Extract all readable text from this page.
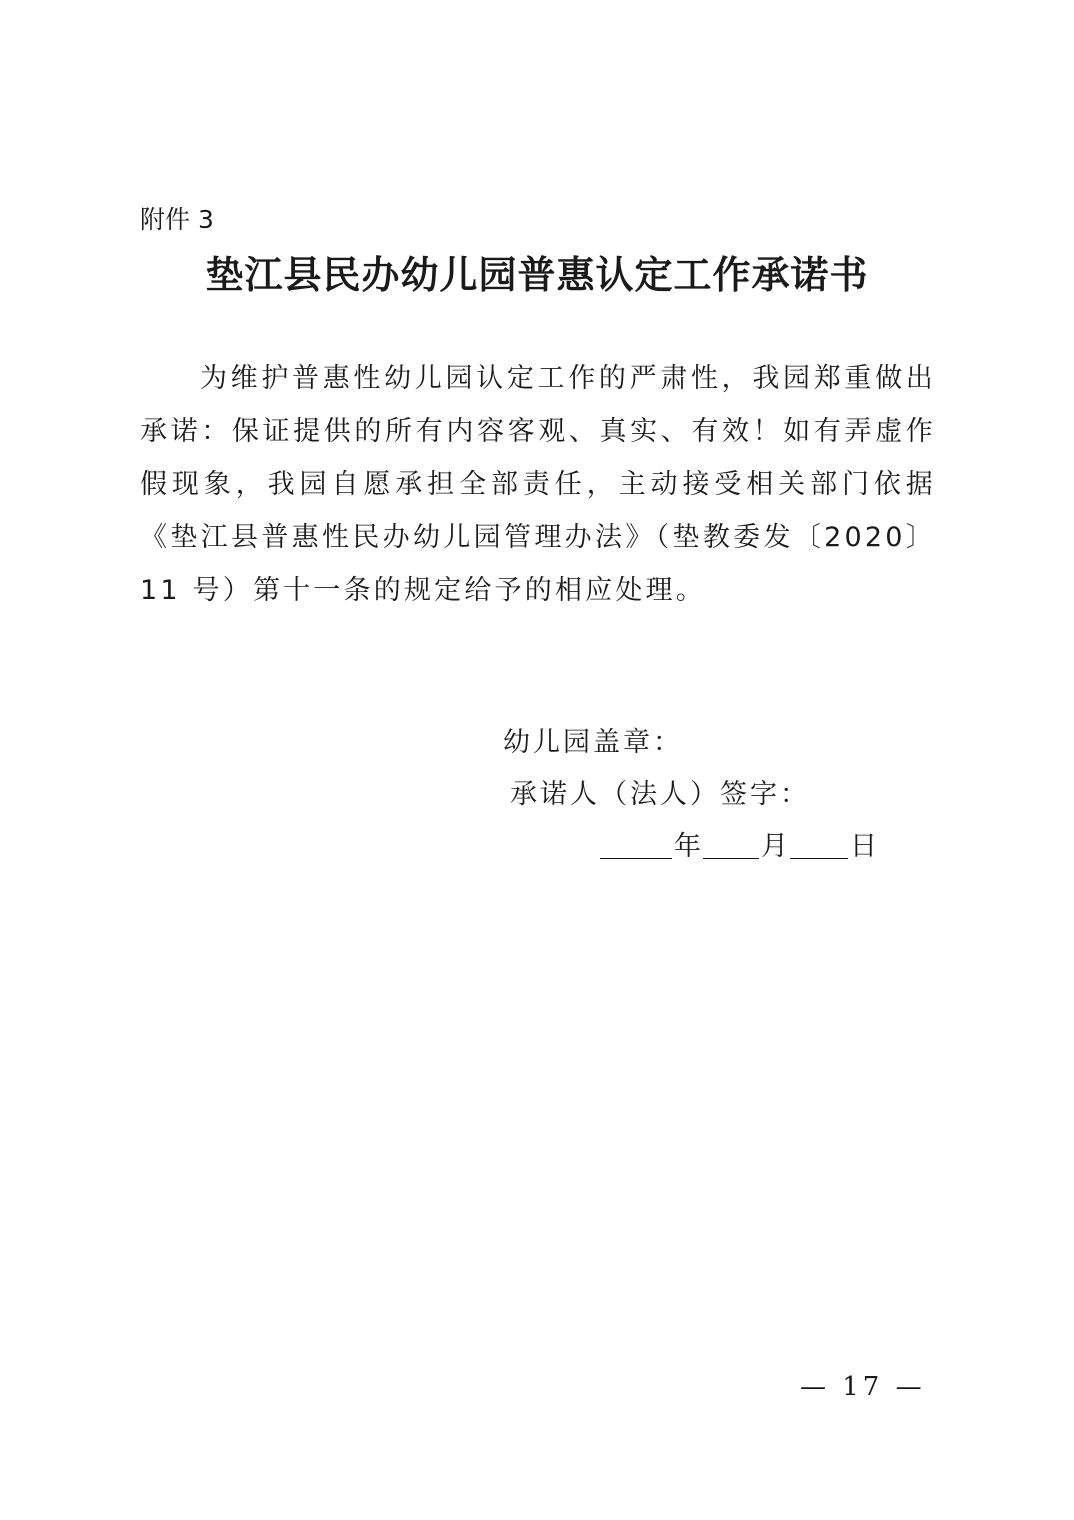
附件 3
垫江县民办幼儿园普惠认定工作承诺书

为维护普惠性幼儿园认定工作的严肃性，我园郑重做出承诺：保证提供的所有内容客观、真实、有效！如有弄虚作假现象，我园自愿承担全部责任，主动接受相关部门依据《垫江县普惠性民办幼儿园管理办法》（垫教委发〔2020〕11 号）第十一条的规定给予的相应处理。

幼儿园盖章：
承诺人（法人）签字：
年 月 日
— 17 —
